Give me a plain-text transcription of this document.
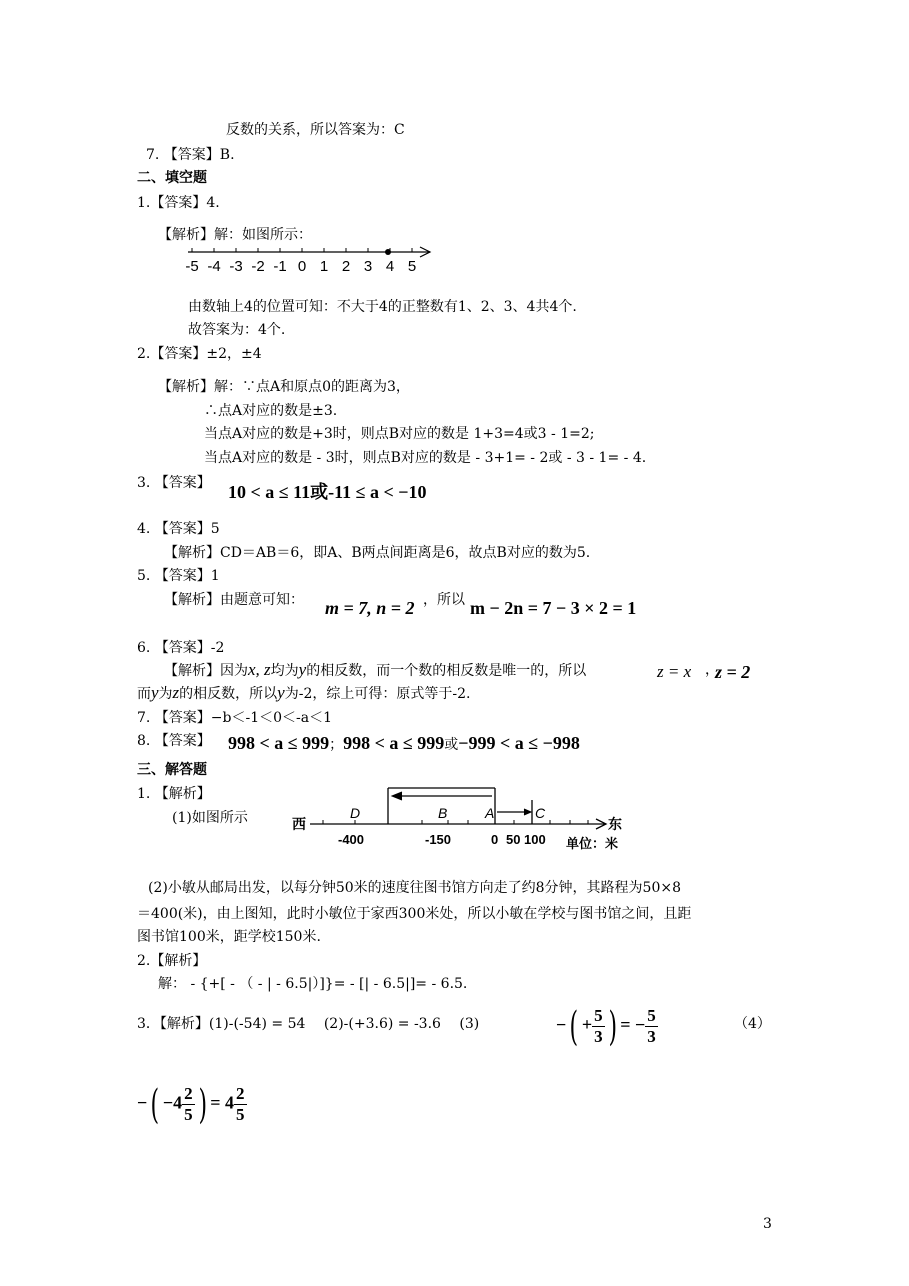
反数的关系，所以答案为：C
7. 【答案】B.
二、填空题
1.【答案】4.
【解析】解：如图所示：
-5 -4 -3 -2 -1 0 1 2 3 4 5
由数轴上4的位置可知：不大于4的正整数有1、2、3、4共4个.
故答案为：4个.
2.【答案】±2，±4
【解析】解：∵点A和原点0的距离为3，
∴点A对应的数是±3.
当点A对应的数是+3时，则点B对应的数是 1+3=4或3 - 1=2;
当点A对应的数是 - 3时，则点B对应的数是 - 3+1= - 2或 - 3 - 1= - 4.
3. 【答案】 10 < a ≤ 11或-11 ≤ a < −10
4. 【答案】5
【解析】CD＝AB＝6，即A、B两点间距离是6，故点B对应的数为5.
5. 【答案】1
【解析】由题意可知： m = 7, n = 2 ，所以 m − 2n = 7 − 3 × 2 = 1
6. 【答案】-2
【解析】因为x, z均为y的相反数，而一个数的相反数是唯一的，所以	z = x ，
z = 2
而y为z的相反数，所以y为-2，综上可得：原式等于-2.
7. 【答案】−b＜-1＜0＜-a＜1
8. 【答案】 998 < a ≤ 999；998 < a ≤ 999或−999 < a ≤ −998
三、解答题
1. 【解析】
(1)如图所示	西	东
D	B	A	C
-400	-150	0 50 100 单位：米
(2)小敏从邮局出发，以每分钟50米的速度往图书馆方向走了约8分钟，其路程为50×8
＝400(米)，由上图知，此时小敏位于家西300米处，所以小敏在学校与图书馆之间，且距
图书馆100米，距学校150米.
2.【解析】
解： - {+[ - （ - | - 6.5|）]}= - [| - 6.5|]= - 6.5.
3．【解析】(1)-(-54) = 54　 (2)-(+3.6) = -3.6　 (3)	−( + $\frac{5}{3}$ ) = − $\frac{5}{3}$	（4）
−( $-4 \frac{2}{5}$ ) = $4 \frac{2}{5}$
3
